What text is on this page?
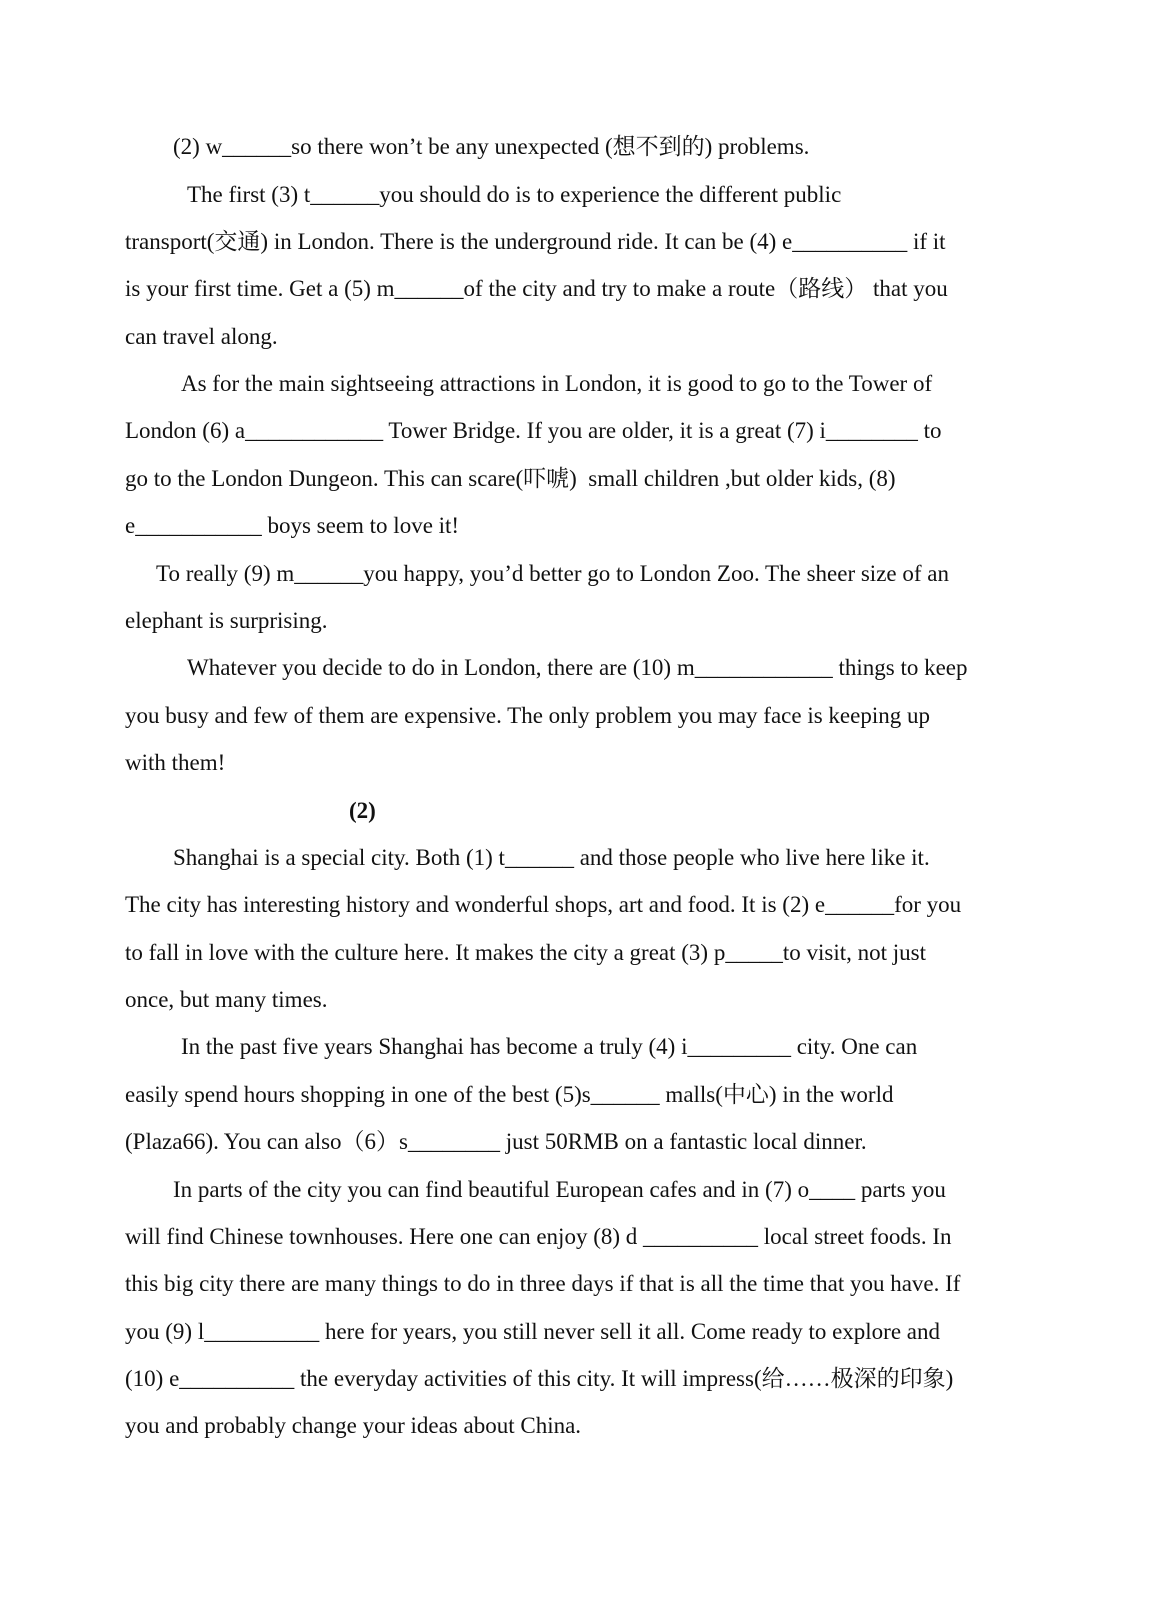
(2) w______so there won’t be any unexpected (想不到的) problems.
The first (3) t______you should do is to experience the different public
transport(交通) in London. There is the underground ride. It can be (4) e__________ if it
is your first time. Get a (5) m______of the city and try to make a route（路线） that you
can travel along.
As for the main sightseeing attractions in London, it is good to go to the Tower of
London (6) a____________ Tower Bridge. If you are older, it is a great (7) i________ to
go to the London Dungeon. This can scare(吓唬)  small children ,but older kids, (8)
e___________ boys seem to love it!
To really (9) m______you happy, you’d better go to London Zoo. The sheer size of an
elephant is surprising.
Whatever you decide to do in London, there are (10) m____________ things to keep
you busy and few of them are expensive. The only problem you may face is keeping up
with them!
(2)
Shanghai is a special city. Both (1) t______ and those people who live here like it.
The city has interesting history and wonderful shops, art and food. It is (2) e______for you
to fall in love with the culture here. It makes the city a great (3) p_____to visit, not just
once, but many times.
In the past five years Shanghai has become a truly (4) i_________ city. One can
easily spend hours shopping in one of the best (5)s______ malls(中心) in the world
(Plaza66). You can also（6）s________ just 50RMB on a fantastic local dinner.
In parts of the city you can find beautiful European cafes and in (7) o____ parts you
will find Chinese townhouses. Here one can enjoy (8) d __________ local street foods. In
this big city there are many things to do in three days if that is all the time that you have. If
you (9) l__________ here for years, you still never sell it all. Come ready to explore and
(10) e__________ the everyday activities of this city. It will impress(给……极深的印象)
you and probably change your ideas about China.
